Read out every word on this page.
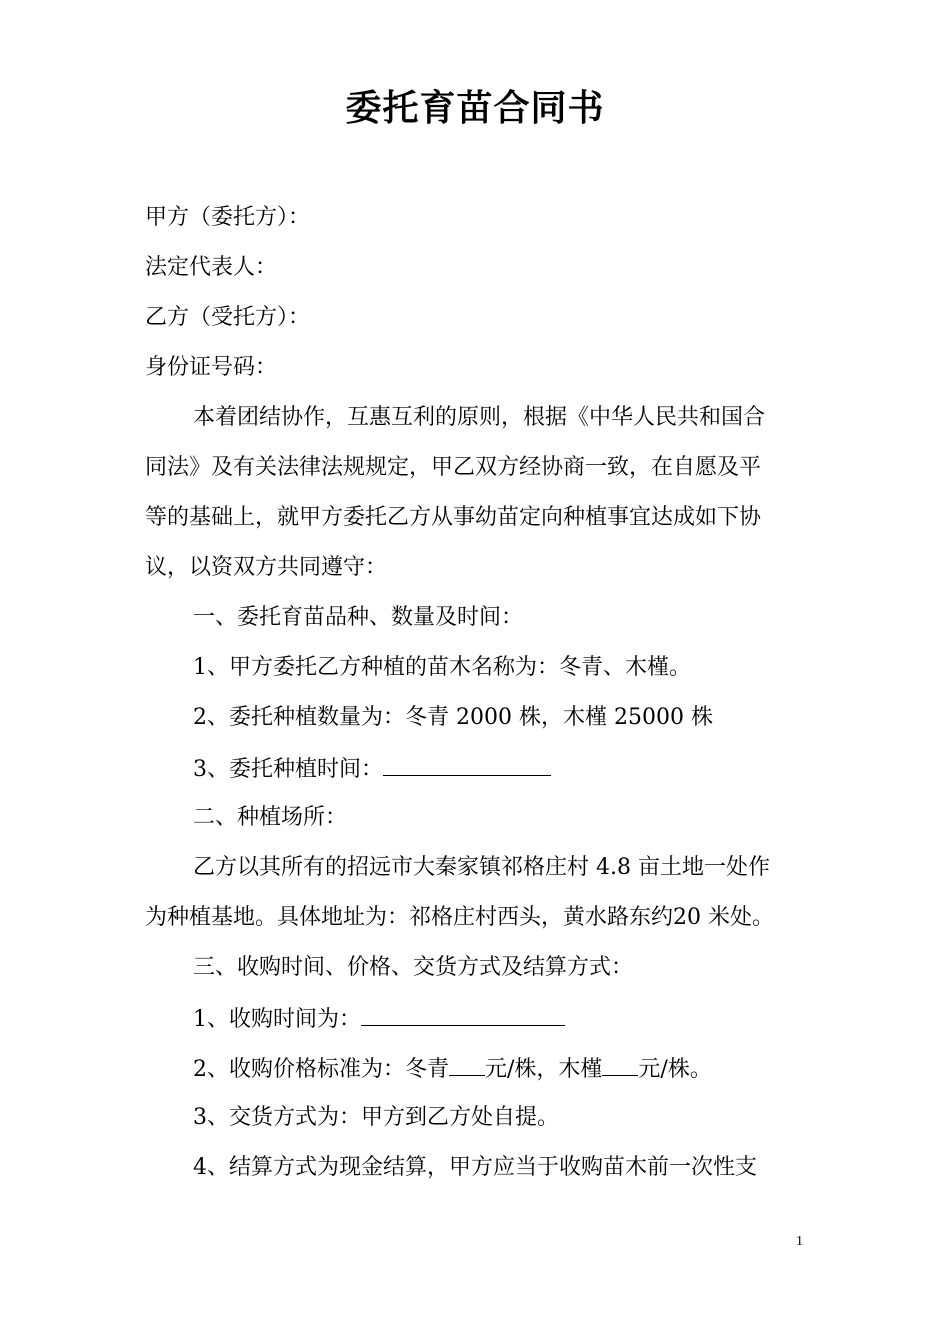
委托育苗合同书
甲方（委托方）：
法定代表人：
乙方（受托方）：
身份证号码：
本着团结协作，互惠互利的原则，根据《中华人民共和国合
同法》及有关法律法规规定，甲乙双方经协商一致，在自愿及平
等的基础上，就甲方委托乙方从事幼苗定向种植事宜达成如下协
议，以资双方共同遵守：
一、委托育苗品种、数量及时间：
1、甲方委托乙方种植的苗木名称为：冬青、木槿。
2、委托种植数量为：冬青 2000 株，木槿 25000 株
3、委托种植时间：
二、种植场所：
乙方以其所有的招远市大秦家镇祁格庄村 4.8 亩土地一处作
为种植基地。具体地址为：祁格庄村西头，黄水路东约20 米处。
三、收购时间、价格、交货方式及结算方式：
1、收购时间为：
2、收购价格标准为：冬青 元/株，木槿 元/株。
3、交货方式为：甲方到乙方处自提。
4、结算方式为现金结算，甲方应当于收购苗木前一次性支
1
